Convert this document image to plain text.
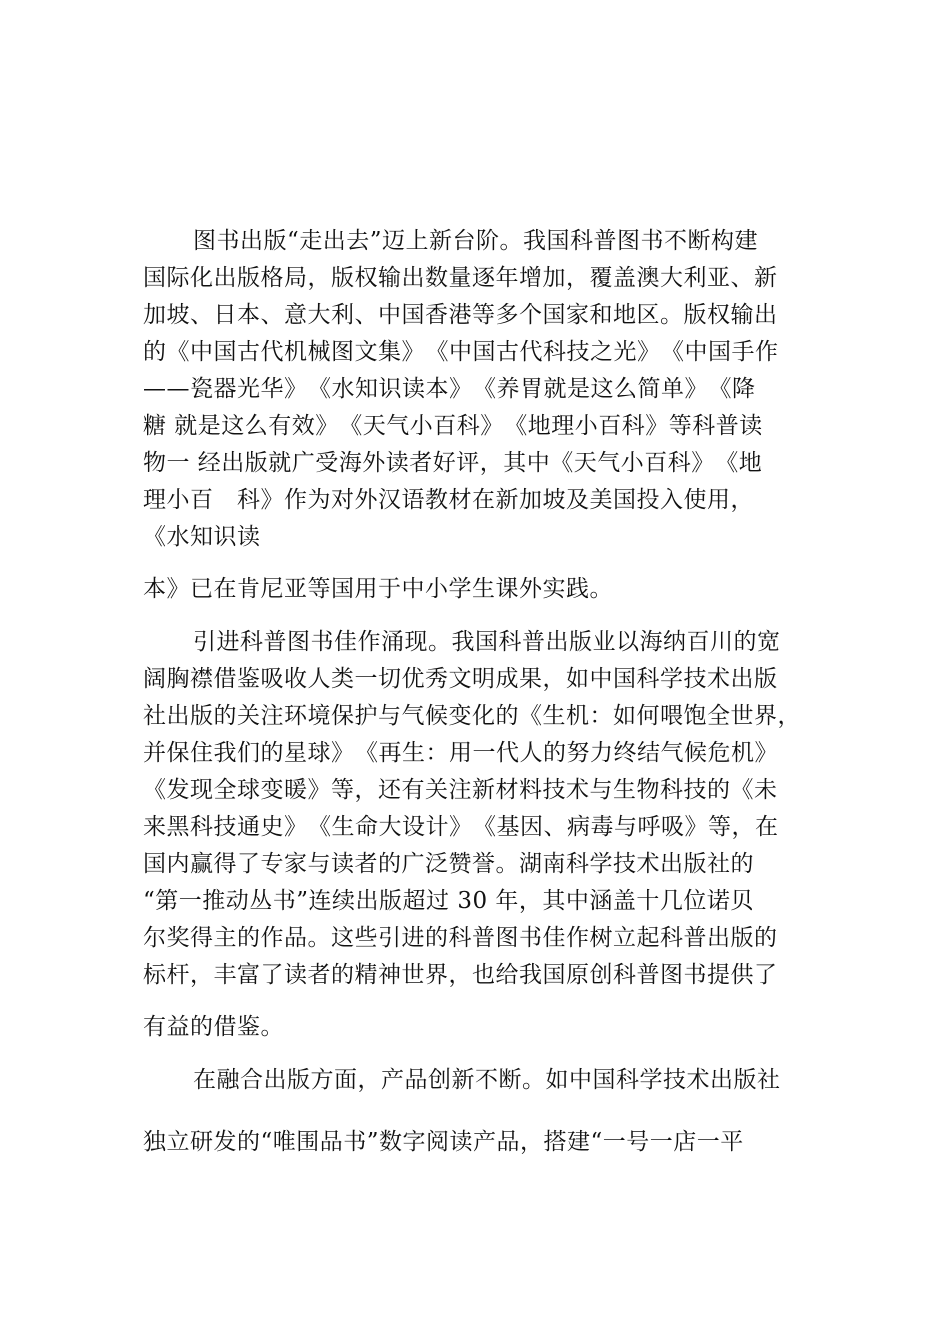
图书出版“走出去”迈上新台阶。我国科普图书不断构建
国际化出版格局，版权输出数量逐年增加，覆盖澳大利亚、新
加坡、日本、意大利、中国香港等多个国家和地区。版权输出
的《中国古代机械图文集》　《中国古代科技之光》　《中国手作
——瓷器光华》　《水知识读本》　《养胃就是这么简单》　《降
糖 就是这么有效》　《天气小百科》　《地理小百科》等科普读
物一 经出版就广受海外读者好评，其中《天气小百科》　《地
理小百　科》作为对外汉语教材在新加坡及美国投入使用，
《水知识读
本》已在肯尼亚等国用于中小学生课外实践。
引进科普图书佳作涌现。我国科普出版业以海纳百川的宽
阔胸襟借鉴吸收人类一切优秀文明成果，如中国科学技术出版
社出版的关注环境保护与气候变化的《生机：如何喂饱全世界，
并保住我们的星球》　《再生：用一代人的努力终结气候危机》
《发现全球变暖》等，还有关注新材料技术与生物科技的《未
来黑科技通史》　《生命大设计》　《基因、病毒与呼吸》等，在
国内赢得了专家与读者的广泛赞誉。湖南科学技术出版社的
“第一推动丛书”连续出版超过 30 年，其中涵盖十几位诺贝
尔奖得主的作品。这些引进的科普图书佳作树立起科普出版的
标杆，丰富了读者的精神世界，也给我国原创科普图书提供了
有益的借鉴。
在融合出版方面，产品创新不断。如中国科学技术出版社
独立研发的“唯围品书”数字阅读产品，搭建“一号一店一平
